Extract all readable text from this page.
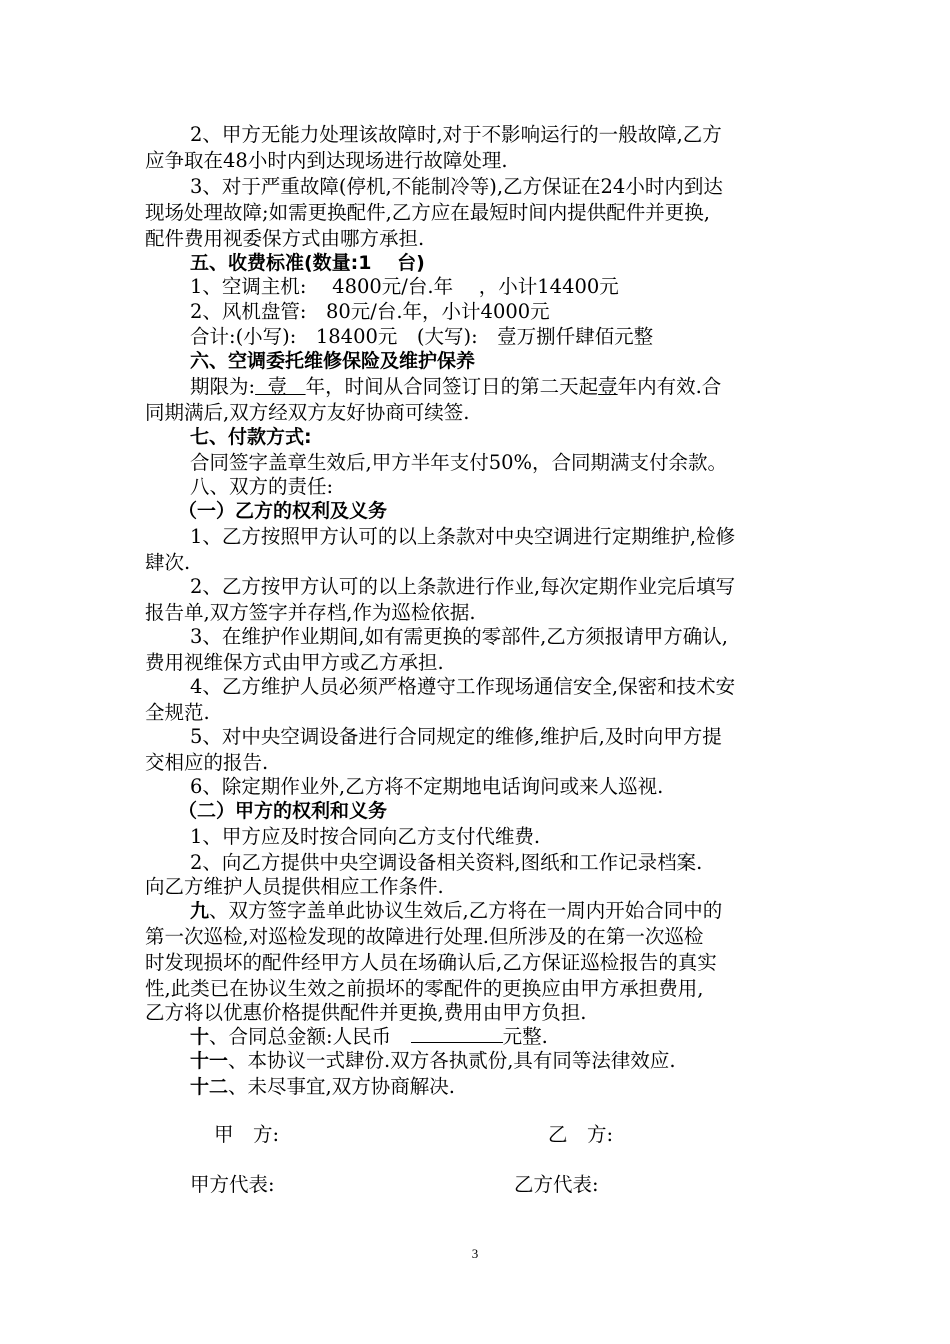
2、甲方无能力处理该故障时,对于不影响运行的一般故障,乙方
应争取在48小时内到达现场进行故障处理.
3、对于严重故障(停机,不能制冷等),乙方保证在24小时内到达
现场处理故障;如需更换配件,乙方应在最短时间内提供配件并更换,
配件费用视委保方式由哪方承担.
五、收费标准(数量:1　 台)
1、空调主机:　 4800元/台.年　 ，小计14400元
2、风机盘管:　80元/台.年，小计4000元
合计:(小写):　18400元　(大写):　壹万捌仟肆佰元整
六、空调委托维修保险及维护保养
期限为:  壹   年，时间从合同签订日的第二天起壹年内有效.合
同期满后,双方经双方友好协商可续签.
七、付款方式:
合同签字盖章生效后,甲方半年支付50%，合同期满支付余款。
八、双方的责任:
（一）乙方的权利及义务
1、乙方按照甲方认可的以上条款对中央空调进行定期维护,检修
肆次.
2、乙方按甲方认可的以上条款进行作业,每次定期作业完后填写
报告单,双方签字并存档,作为巡检依据.
3、在维护作业期间,如有需更换的零部件,乙方须报请甲方确认,
费用视维保方式由甲方或乙方承担.
4、乙方维护人员必须严格遵守工作现场通信安全,保密和技术安
全规范.
5、对中央空调设备进行合同规定的维修,维护后,及时向甲方提
交相应的报告.
6、除定期作业外,乙方将不定期地电话询问或来人巡视.
（二）甲方的权利和义务
1、甲方应及时按合同向乙方支付代维费.
2、向乙方提供中央空调设备相关资料,图纸和工作记录档案.
向乙方维护人员提供相应工作条件.
九、双方签字盖单此协议生效后,乙方将在一周内开始合同中的
第一次巡检,对巡检发现的故障进行处理.但所涉及的在第一次巡检
时发现损坏的配件经甲方人员在场确认后,乙方保证巡检报告的真实
性,此类已在协议生效之前损坏的零配件的更换应由甲方承担费用,
乙方将以优惠价格提供配件并更换,费用由甲方负担.
十、合同总金额:人民币　	元整.
十一、本协议一式肆份.双方各执贰份,具有同等法律效应.
十二、未尽事宜,双方协商解决.
甲　方:	乙　方:
甲方代表:	乙方代表:
3
